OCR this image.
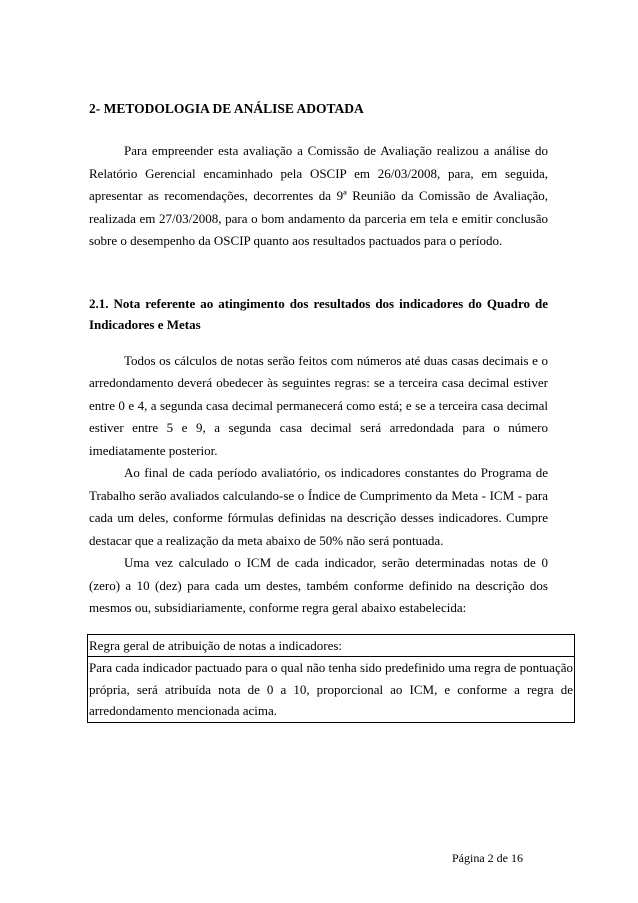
2- METODOLOGIA DE ANÁLISE ADOTADA

Para empreender esta avaliação a Comissão de Avaliação realizou a análise do Relatório Gerencial encaminhado pela OSCIP em 26/03/2008, para, em seguida, apresentar as recomendações, decorrentes da 9ª Reunião da Comissão de Avaliação, realizada em 27/03/2008, para o bom andamento da parceria em tela e emitir conclusão sobre o desempenho da OSCIP quanto aos resultados pactuados para o período.

2.1. Nota referente ao atingimento dos resultados dos indicadores do Quadro de Indicadores e Metas

Todos os cálculos de notas serão feitos com números até duas casas decimais e o arredondamento deverá obedecer às seguintes regras: se a terceira casa decimal estiver entre 0 e 4, a segunda casa decimal permanecerá como está; e se a terceira casa decimal estiver entre 5 e 9, a segunda casa decimal será arredondada para o número imediatamente posterior.

Ao final de cada período avaliatório, os indicadores constantes do Programa de Trabalho serão avaliados calculando-se o Índice de Cumprimento da Meta - ICM - para cada um deles, conforme fórmulas definidas na descrição desses indicadores. Cumpre destacar que a realização da meta abaixo de 50% não será pontuada.

Uma vez calculado o ICM de cada indicador, serão determinadas notas de 0 (zero) a 10 (dez) para cada um destes, também conforme definido na descrição dos mesmos ou, subsidiariamente, conforme regra geral abaixo estabelecida:

Regra geral de atribuição de notas a indicadores:
Para cada indicador pactuado para o qual não tenha sido predefinido uma regra de pontuação própria, será atribuída nota de 0 a 10, proporcional ao ICM, e conforme a regra de arredondamento mencionada acima.
Página 2 de 16
